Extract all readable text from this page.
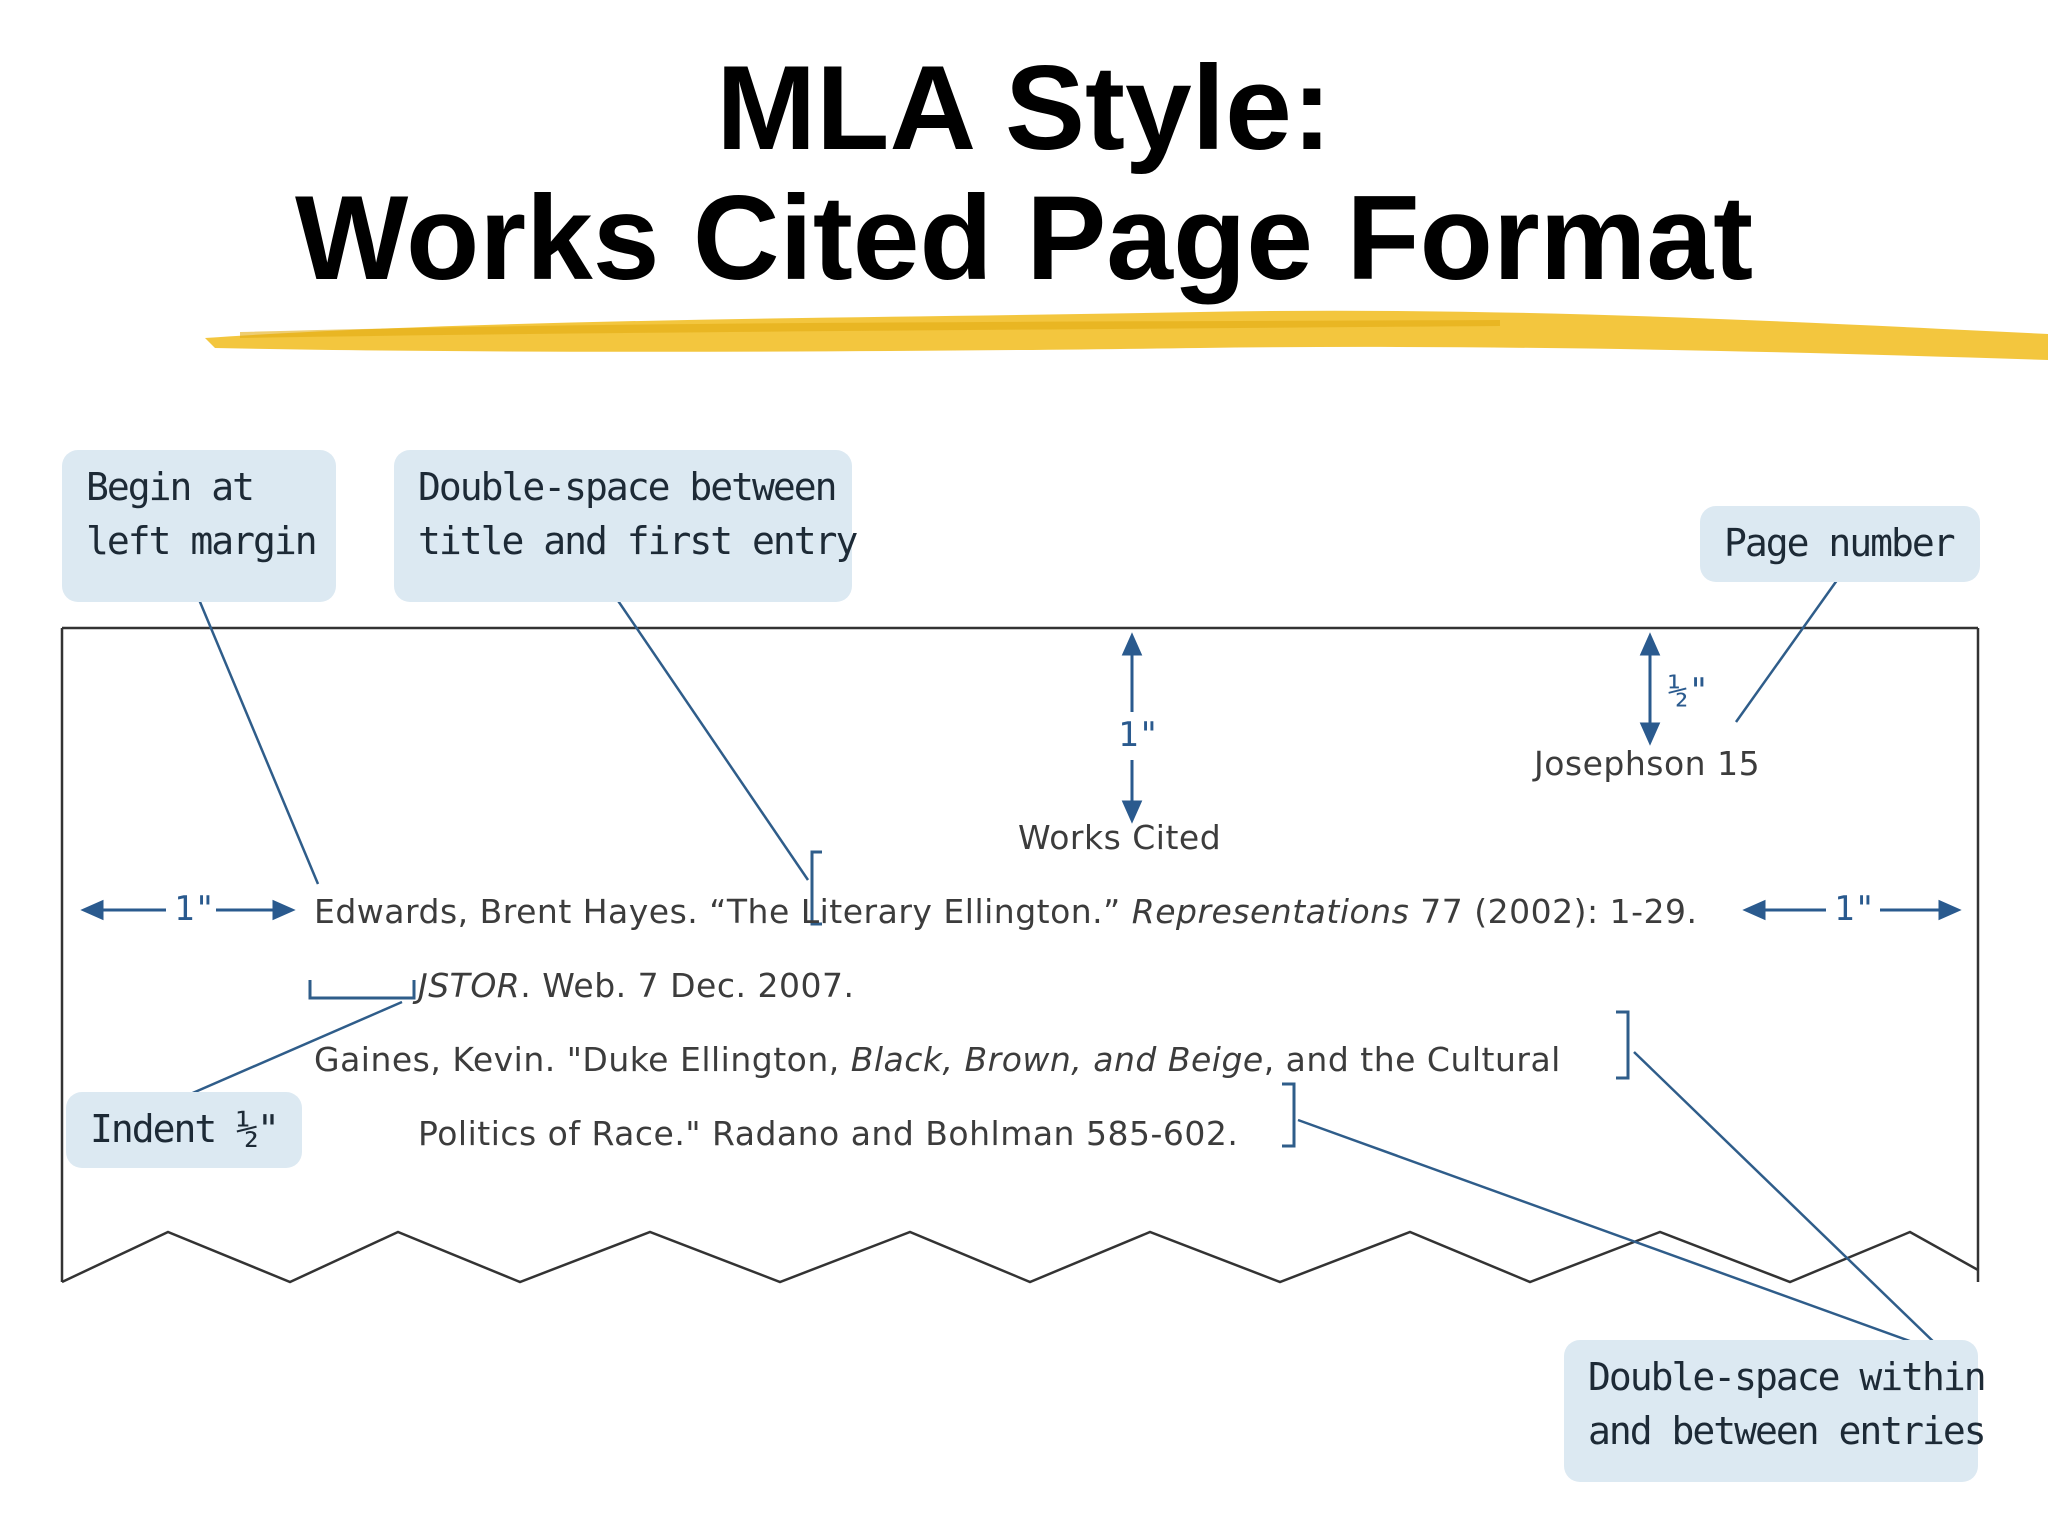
MLA Style:
Works Cited Page Format
1"
½"
1"	1"
Begin at
left margin
Double-space between
title and first entry	Page number
Indent ½"
Double-space within
and between entries
Josephson 15
Works Cited
Edwards, Brent Hayes. “The Literary Ellington.” Representations 77 (2002): 1-29.
JSTOR. Web. 7 Dec. 2007.
Gaines, Kevin. "Duke Ellington, Black, Brown, and Beige, and the Cultural
Politics of Race." Radano and Bohlman 585-602.
